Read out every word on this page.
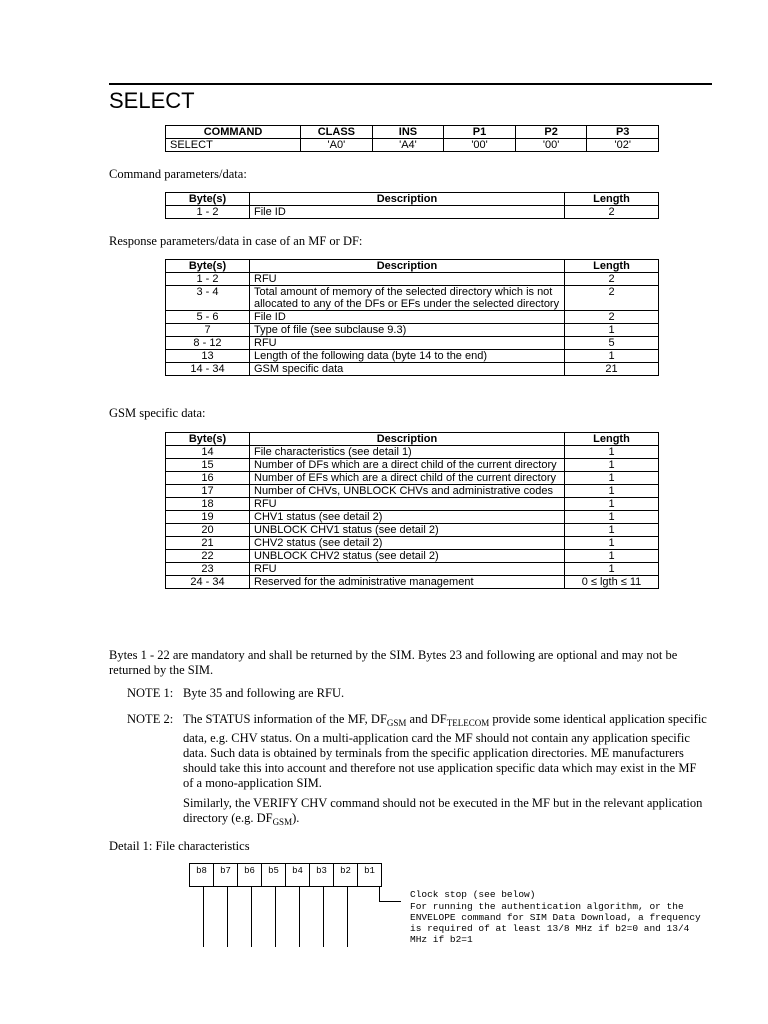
SELECT
COMMAND	CLASS	INS	P1	P2	P3
SELECT	'A0'	'A4'	'00'	'00'	'02'
Command parameters/data:
Byte(s)	Description	Length
1 - 2	File ID	2
Response parameters/data in case of an MF or DF:
Byte(s)	Description	Length
1 - 2	RFU	2
3 - 4	Total amount of memory of the selected directory which is not allocated to any of the DFs or EFs under the selected directory	2
5 - 6	File ID	2
7	Type of file (see subclause 9.3)	1
8 - 12	RFU	5
13	Length of the following data (byte 14 to the end)	1
14 - 34	GSM specific data	21
GSM specific data:
Byte(s)	Description	Length
14	File characteristics (see detail 1)	1
15	Number of DFs which are a direct child of the current directory	1
16	Number of EFs which are a direct child of the current directory	1
17	Number of CHVs, UNBLOCK CHVs and administrative codes	1
18	RFU	1
19	CHV1 status (see detail 2)	1
20	UNBLOCK CHV1 status (see detail 2)	1
21	CHV2 status (see detail 2)	1
22	UNBLOCK CHV2 status (see detail 2)	1
23	RFU	1
24 - 34	Reserved for the administrative management	0 ≤ lgth ≤ 11
Bytes 1 - 22 are mandatory and shall be returned by the SIM. Bytes 23 and following are optional and may not be returned by the SIM.
NOTE 1: Byte 35 and following are RFU.
NOTE 2: The STATUS information of the MF, $DF_{GSM}$ and $DF_{TELECOM}$ provide some identical application specific data, e.g. CHV status. On a multi-application card the MF should not contain any application specific data. Such data is obtained by terminals from the specific application directories. ME manufacturers should take this into account and therefore not use application specific data which may exist in the MF of a mono-application SIM.
Similarly, the VERIFY CHV command should not be executed in the MF but in the relevant application directory (e.g. $DF_{GSM}$).
Detail 1: File characteristics
b8	b7	b6	b5	b4	b3	b2	b1
Clock stop (see below)
For running the authentication algorithm, or the
ENVELOPE command for SIM Data Download, a frequency
is required of at least 13/8 MHz if b2=0 and 13/4
MHz if b2=1
